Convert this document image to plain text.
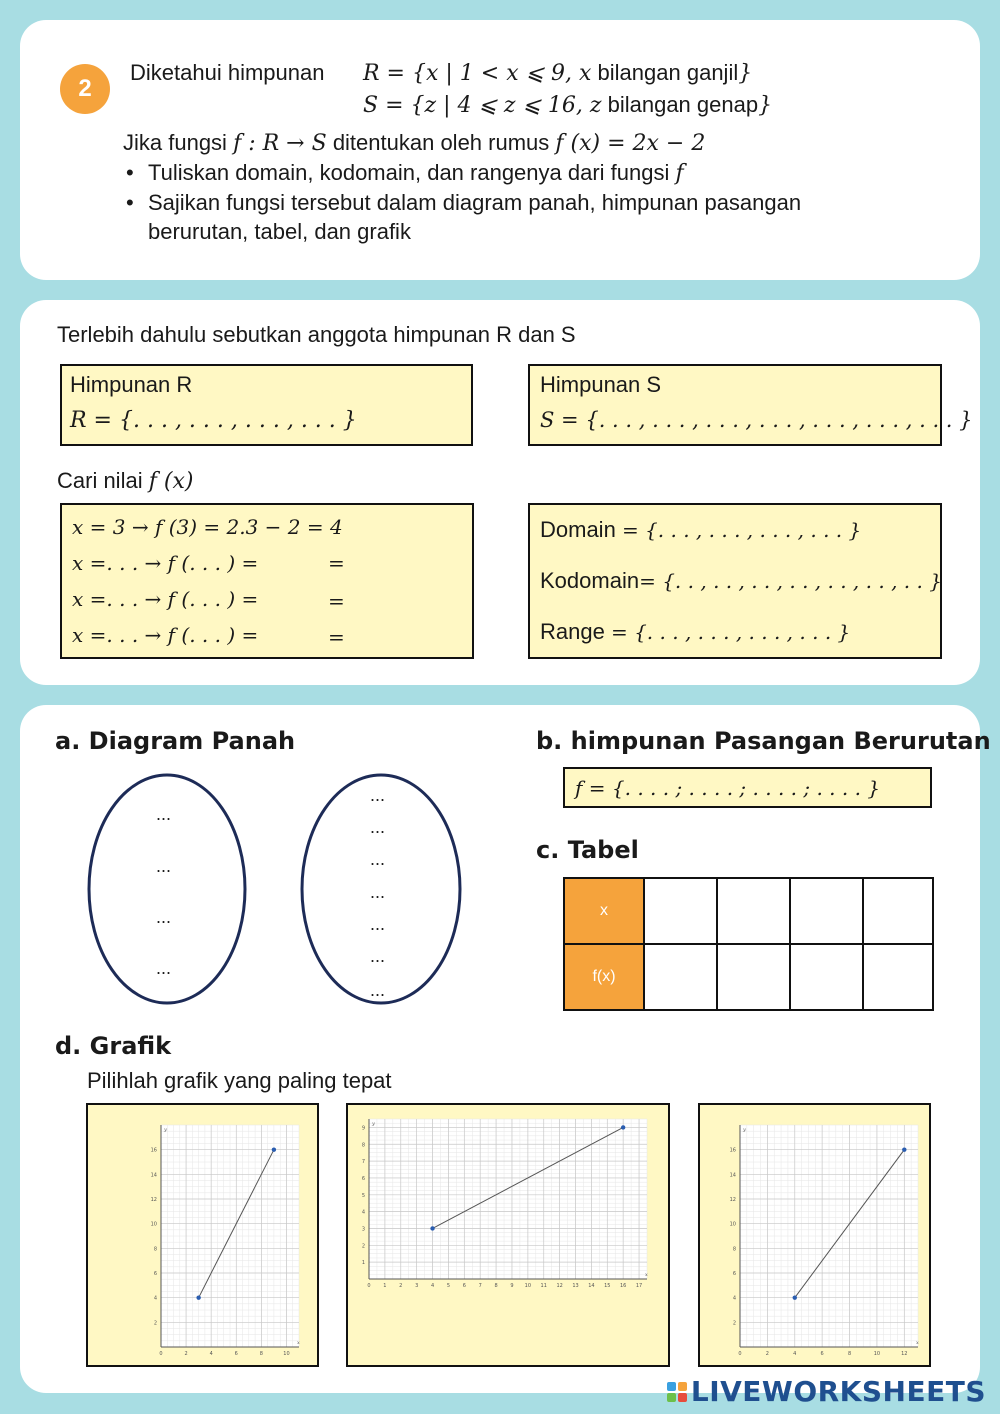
2
Diketahui himpunan R = {x | 1 < x ⩽ 9, x bilangan ganjil}
S = {z | 4 ⩽ z ⩽ 16, z bilangan genap}
Jika fungsi f : R → S ditentukan oleh rumus f (x) = 2x − 2
• Tuliskan domain, kodomain, dan rangenya dari fungsi f
• Sajikan fungsi tersebut dalam diagram panah, himpunan pasangan
berurutan, tabel, dan grafik
Terlebih dahulu sebutkan anggota himpunan R dan S
Himpunan R
R = {. . . , . . . , . . . , . . . }
Himpunan S
S = {. . . , . . . , . . . , . . . , . . . , . . . , . . . }
Cari nilai f (x)
x = 3 → f (3) = 2.3 − 2 = 4
x =. . . → f (. . . ) =	=
x =. . . → f (. . . ) =	=
x =. . . → f (. . . ) =	=
Domain = {. . . , . . . , . . . , . . . }
Kodomain= {. . , . . , . . , . . , . . , . . , . . }
Range = {. . . , . . . , . . . , . . . }
a. Diagram Panah	b. himpunan Pasangan Berurutan
f = {. . . . ; . . . . ; . . . . ; . . . . }
...
...
...
...
...
...
...
...
...
...
...
c. Tabel
x				
f(x)				
d. Grafik
Pilihlah grafik yang paling tepat
0	2	4	6	8	10
2
4
6
8
10
12
14
16
x
y
0	1	2	3	4	5	6	7	8	9 10 11 12 13 14 15 16 17
1
2
3
4
5
6
7
8
9
x
y
0	2	4	6	8	10	12
2
4
6
8
10
12
14
16
x
y
LIVEWORKSHEETS
